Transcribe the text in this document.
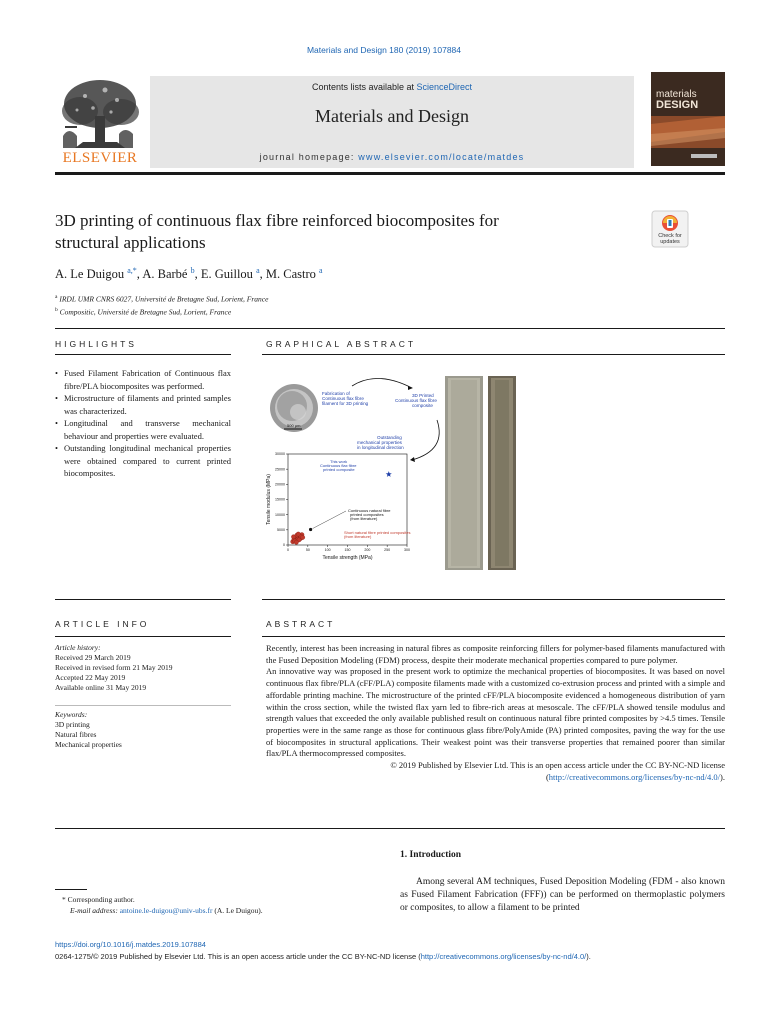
Materials and Design 180 (2019) 107884
ELSEVIER
Contents lists available at ScienceDirect
Materials and Design
journal homepage: www.elsevier.com/locate/matdes
materials
DESIGN
3D printing of continuous flax fibre reinforced biocomposites for
structural applications	Check for
updates
A. Le Duigou $^{a,*}$, A. Barbé $^b$, E. Guillou $^a$, M. Castro $^a$
$^a$ IRDL UMR CNRS 6027, Université de Bretagne Sud, Lorient, France
$^b$ Compositic, Université de Bretagne Sud, Lorient, France
HIGHLIGHTS
• Fused Filament Fabrication of Continuous flax fibre/PLA biocomposites was performed.
• Microstructure of filaments and printed samples was characterized.
• Longitudinal and transverse mechanical behaviour and properties were evaluated.
• Outstanding longitudinal mechanical properties were obtained compared to current printed biocomposites.
GRAPHICAL ABSTRACT
500 µm
Fabrication of
Continuous flax fibre
filament for 3D printing
3D Printed
Continuous flax fibre
composite
Outstanding
mechanical properties
in longitudinal direction
0	50	100	150	200	250	300
0
5000
10000
15000
20000
25000
30000
Tensile strength (MPa)
Tensile modulus (MPa)
This work
Continuous flax fibre
printed composite
Continuous natural fibre
printed composites
(from literature)
Short natural fibre printed composites
(from literature)
ARTICLE INFO
Article history:
Received 29 March 2019
Received in revised form 21 May 2019
Accepted 22 May 2019
Available online 31 May 2019
Keywords:
3D printing
Natural fibres
Mechanical properties
ABSTRACT

Recently, interest has been increasing in natural fibres as composite reinforcing fillers for polymer-based filaments manufactured with the Fused Deposition Modeling (FDM) process, despite their moderate mechanical properties compared to pure polymer.

An innovative way was proposed in the present work to optimize the mechanical properties of biocomposites. It was based on novel continuous flax fibre/PLA (cFF/PLA) composite filaments made with a customized co-extrusion process and printed with a simple and affordable printing machine. The microstructure of the printed cFF/PLA biocomposite evidenced a homogeneous distribution of yarn within the cross section, while the twisted flax yarn led to fibre-rich areas at mesoscale. The cFF/PLA showed tensile modulus and strength values that exceeded the only available published result on continuous natural fibre printed composites by >4.5 times. Tensile properties were in the same range as those for continuous glass fibre/PolyAmide (PA) printed composites, paving the way for the use of biocomposites in structural applications. Their weakest point was their transverse properties that remained poorer than similar flax/PLA thermocompressed composites.

© 2019 Published by Elsevier Ltd. This is an open access article under the CC BY-NC-ND license (http://creativecommons.org/licenses/by-nc-nd/4.0/).

1. Introduction
Among several AM techniques, Fused Deposition Modeling (FDM - also known as Fused Filament Fabrication (FFF)) can be performed on thermoplastic polymers or composites, to allow a filament to be printed
* Corresponding author.
E-mail address: antoine.le-duigou@univ-ubs.fr (A. Le Duigou).
https://doi.org/10.1016/j.matdes.2019.107884
0264-1275/© 2019 Published by Elsevier Ltd. This is an open access article under the CC BY-NC-ND license (http://creativecommons.org/licenses/by-nc-nd/4.0/).
